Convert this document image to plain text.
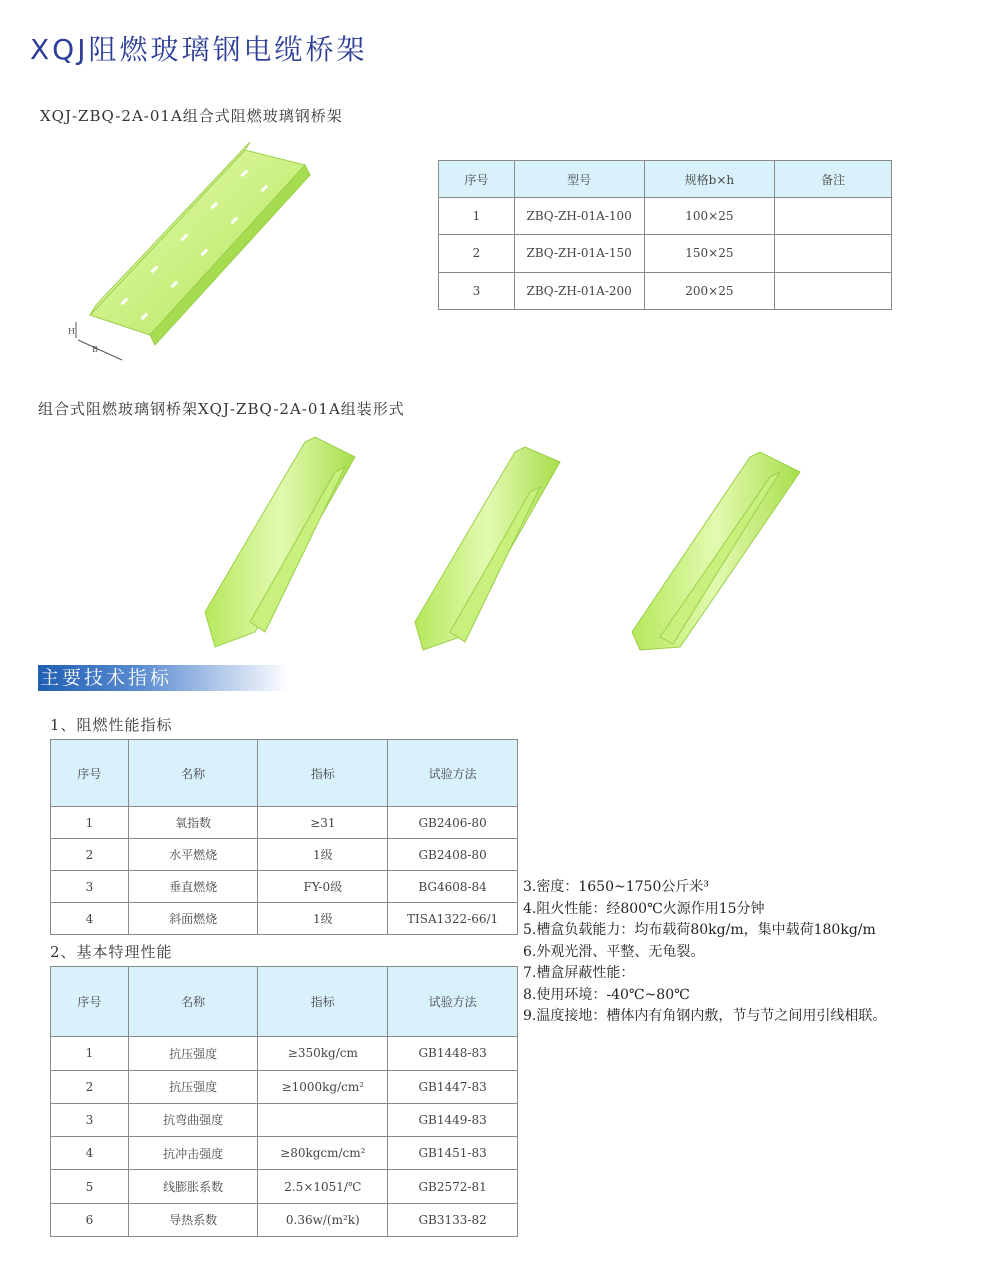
XQJ阻燃玻璃钢电缆桥架
XQJ-ZBQ-2A-01A组合式阻燃玻璃钢桥架
H
B
序号	型号	规格b×h	备注
1	ZBQ-ZH-01A-100	100×25	
2	ZBQ-ZH-01A-150	150×25	
3	ZBQ-ZH-01A-200	200×25	
组合式阻燃玻璃钢桥架XQJ-ZBQ-2A-01A组装形式
主要技术指标
1、阻燃性能指标
序号	名称	指标	试验方法
1	氧指数	≥31	GB2406-80
2	水平燃烧	1级	GB2408-80
3	垂直燃烧	FY-0级	BG4608-84
4	斜面燃烧	1级	TISA1322-66/1
2、基本特理性能
序号	名称	指标	试验方法
1	抗压强度	≥350kg/cm	GB1448-83
2	抗压强度	≥1000kg/cm²	GB1447-83
3	抗弯曲强度		GB1449-83
4	抗冲击强度	≥80kgcm/cm²	GB1451-83
5	线膨胀系数	2.5×1051/℃	GB2572-81
6	导热系数	0.36w/(m²k)	GB3133-82
3.密度：1650~1750公斤米³
4.阻火性能：经800℃火源作用15分钟
5.槽盒负载能力：均布载荷80kg/m，集中载荷180kg/m
6.外观光滑、平整、无龟裂。
7.槽盒屏蔽性能：
8.使用环境：-40℃~80℃
9.温度接地：槽体内有角钢内敷，节与节之间用引线相联。
